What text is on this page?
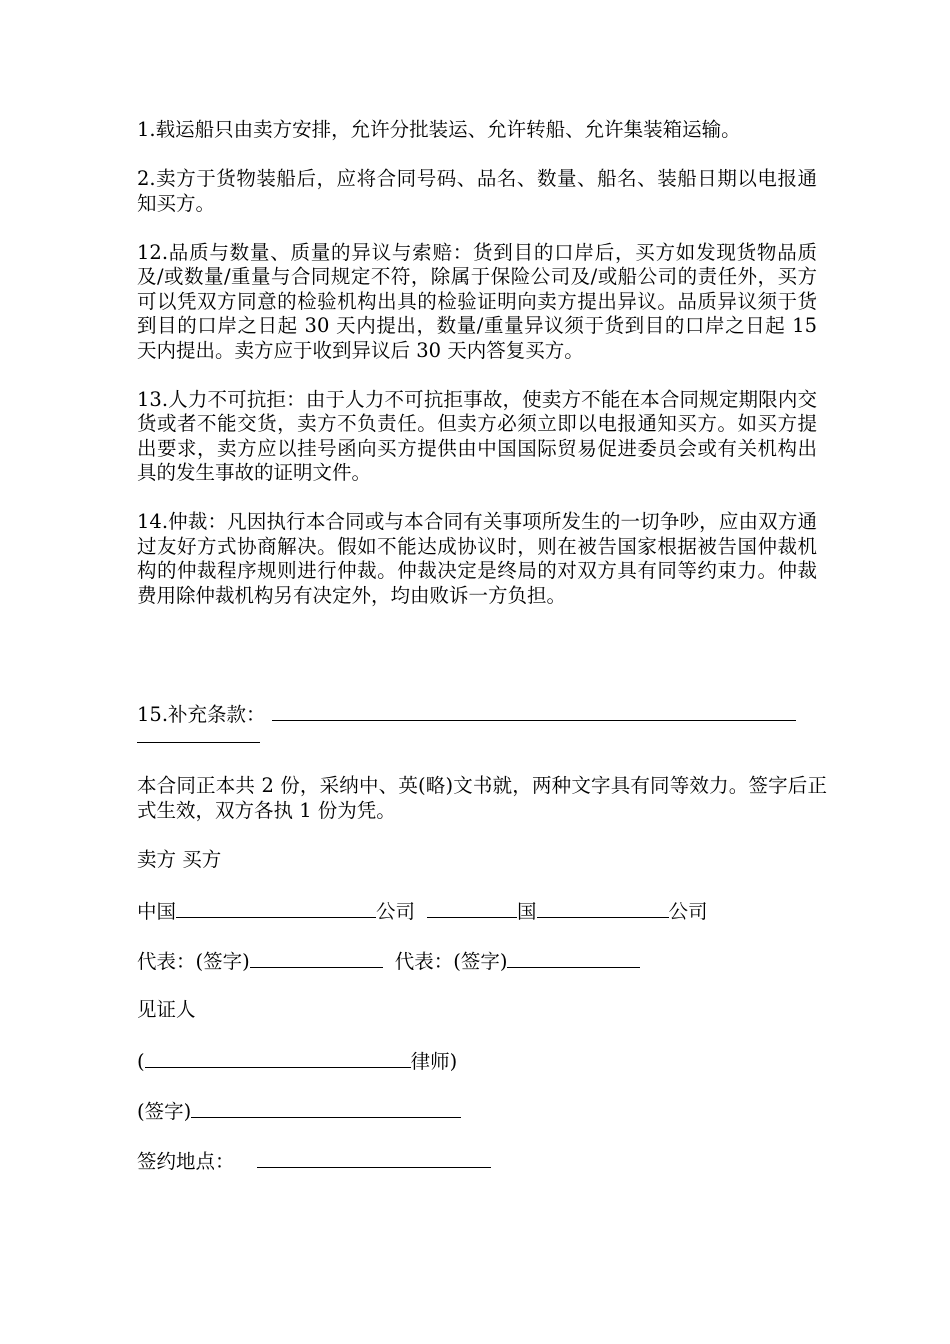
1.载运船只由卖方安排，允许分批装运、允许转船、允许集装箱运输。

2.卖方于货物装船后，应将合同号码、品名、数量、船名、装船日期以电报通知买方。

12.品质与数量、质量的异议与索赔：货到目的口岸后，买方如发现货物品质及/或数量/重量与合同规定不符，除属于保险公司及/或船公司的责任外，买方可以凭双方同意的检验机构出具的检验证明向卖方提出异议。品质异议须于货到目的口岸之日起 30 天内提出，数量/重量异议须于货到目的口岸之日起 15 天内提出。卖方应于收到异议后 30 天内答复买方。

13.人力不可抗拒：由于人力不可抗拒事故，使卖方不能在本合同规定期限内交货或者不能交货，卖方不负责任。但卖方必须立即以电报通知买方。如买方提出要求，卖方应以挂号函向买方提供由中国国际贸易促进委员会或有关机构出具的发生事故的证明文件。

14.仲裁：凡因执行本合同或与本合同有关事项所发生的一切争吵，应由双方通过友好方式协商解决。假如不能达成协议时，则在被告国家根据被告国仲裁机构的仲裁程序规则进行仲裁。仲裁决定是终局的对双方具有同等约束力。仲裁费用除仲裁机构另有决定外，均由败诉一方负担。

15.补充条款：

本合同正本共 2 份，采纳中、英(略)文书就，两种文字具有同等效力。签字后正式生效，双方各执 1 份为凭。

卖方 买方
中国	公司	国	公司
代表：(签字)	代表：(签字)
见证人
(	律师)
(签字)
签约地点：
